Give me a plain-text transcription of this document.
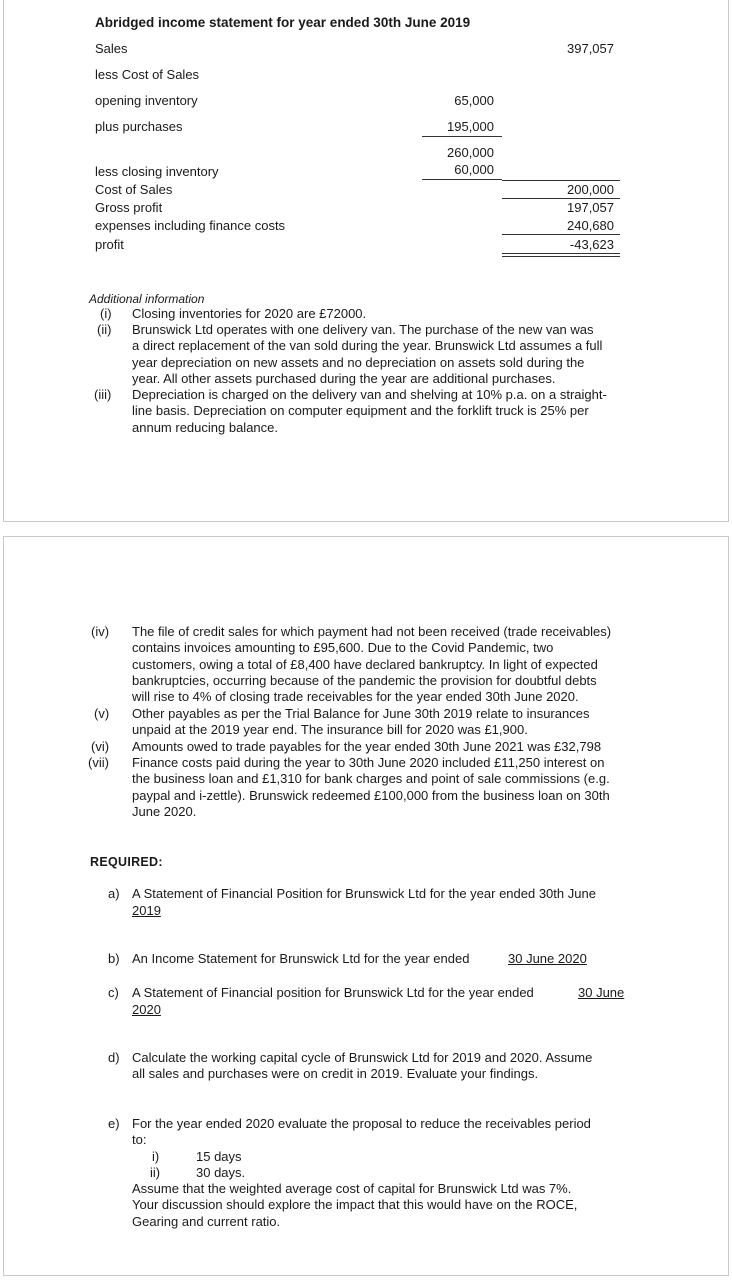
Abridged income statement for year ended 30th June 2019
Sales	397,057
less Cost of Sales
opening inventory	65,000
plus purchases	195,000
260,000
less closing inventory	60,000
Cost of Sales	200,000
Gross profit	197,057
expenses including finance costs	240,680
profit	-43,623
Additional information
(i) Closing inventories for 2020 are £72000.

(ii) Brunswick Ltd operates with one delivery van. The purchase of the new van was

a direct replacement of the van sold during the year. Brunswick Ltd assumes a full

year depreciation on new assets and no depreciation on assets sold during the

year. All other assets purchased during the year are additional purchases.

(iii) Depreciation is charged on the delivery van and shelving at 10% p.a. on a straight-

line basis. Depreciation on computer equipment and the forklift truck is 25% per

annum reducing balance.

(iv) The file of credit sales for which payment had not been received (trade receivables)

contains invoices amounting to £95,600. Due to the Covid Pandemic, two

customers, owing a total of £8,400 have declared bankruptcy. In light of expected

bankruptcies, occurring because of the pandemic the provision for doubtful debts

will rise to 4% of closing trade receivables for the year ended 30th June 2020.

(v) Other payables as per the Trial Balance for June 30th 2019 relate to insurances

unpaid at the 2019 year end. The insurance bill for 2020 was £1,900.

(vi) Amounts owed to trade payables for the year ended 30th June 2021 was £32,798

(vii) Finance costs paid during the year to 30th June 2020 included £11,250 interest on

the business loan and £1,310 for bank charges and point of sale commissions (e.g.

paypal and i-zettle). Brunswick redeemed £100,000 from the business loan on 30th

June 2020.

REQUIRED:
a) A Statement of Financial Position for Brunswick Ltd for the year ended 30th June
2019
b) An Income Statement for Brunswick Ltd for the year ended	30 June 2020
c) A Statement of Financial position for Brunswick Ltd for the year ended	30 June
2020
d) Calculate the working capital cycle of Brunswick Ltd for 2019 and 2020. Assume

all sales and purchases were on credit in 2019. Evaluate your findings.

e) For the year ended 2020 evaluate the proposal to reduce the receivables period

to:

i)	15 days
ii)	30 days.

Assume that the weighted average cost of capital for Brunswick Ltd was 7%.

Your discussion should explore the impact that this would have on the ROCE,

Gearing and current ratio.
